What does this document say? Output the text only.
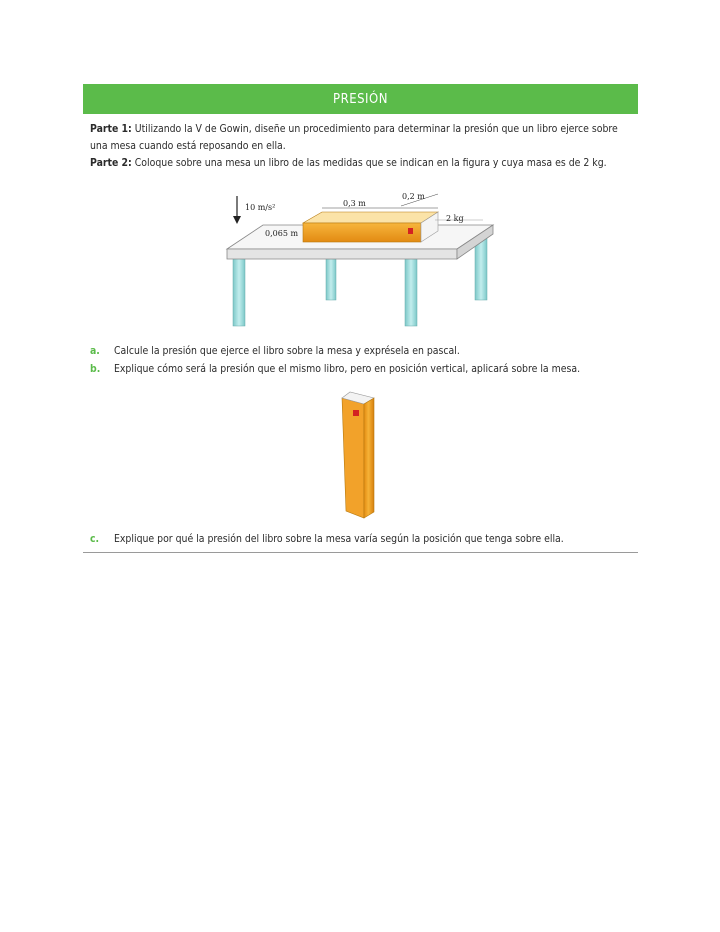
PRESIÓN
Parte 1: Utilizando la V de Gowin, diseñe un procedimiento para determinar la presión que un libro ejerce sobre una mesa cuando está reposando en ella.
Parte 2: Coloque sobre una mesa un libro de las medidas que se indican en la figura y cuya masa es de 2 kg.
10 m/s²	0,3 m
0,2 m
0,065 m
2 kg
a. Calcule la presión que ejerce el libro sobre la mesa y exprésela en pascal.
b. Explique cómo será la presión que el mismo libro, pero en posición vertical, aplicará sobre la mesa.
c. Explique por qué la presión del libro sobre la mesa varía según la posición que tenga sobre ella.
